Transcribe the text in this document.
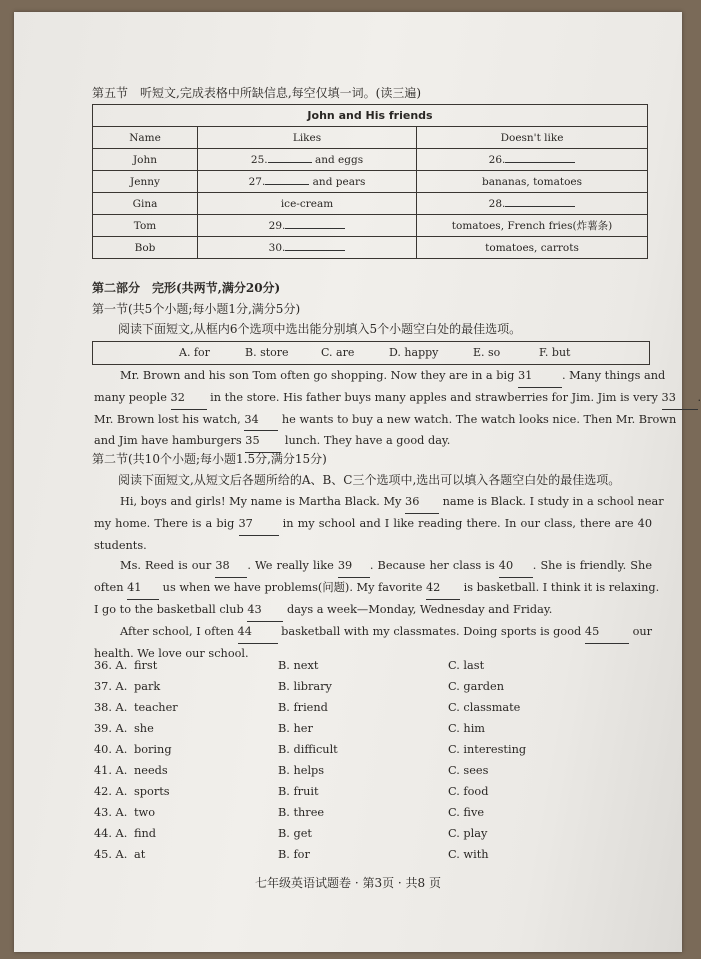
第五节　听短文,完成表格中所缺信息,每空仅填一词。(读三遍)
John and His friends		
Name	Likes	Doesn't like
John	25. and eggs	26.
Jenny	27. and pears	bananas, tomatoes
Gina	ice-cream	28.
Tom	29.	tomatoes, French fries(炸薯条)
Bob	30.	tomatoes, carrots
第二部分　完形(共两节,满分20分)
第一节(共5个小题;每小题1分,满分5分)
阅读下面短文,从框内6个选项中选出能分别填入5个小题空白处的最佳选项。
A. for	B. store	C. are	D. happy	E. so	F. but
Mr. Brown and his son Tom often go shopping. Now they are in a big 31	. Many things and
many people 32 in the store. His father buys many apples and strawberries for Jim. Jim is very 33 .
Mr. Brown lost his watch, 34 he wants to buy a new watch. The watch looks nice. Then Mr. Brown
and Jim have hamburgers 35 lunch. They have a good day.
第二节(共10个小题;每小题1.5分,满分15分)
阅读下面短文,从短文后各题所给的A、B、C三个选项中,选出可以填入各题空白处的最佳选项。
Hi, boys and girls! My name is Martha Black. My 36 name is Black. I study in a school near
my home. There is a big 37	in my school and I like reading there. In our class, there are 40
students.
Ms. Reed is our 38 . We really like 39 . Because her class is 40 . She is friendly. She
often 41 us when we have problems(问题). My favorite 42 is basketball. I think it is relaxing.
I go to the basketball club 43 days a week—Monday, Wednesday and Friday.
After school, I often 44	basketball with my classmates. Doing sports is good 45	our
health. We love our school.
36. A. first	B. next	C. last
37. A. park	B. library	C. garden
38. A. teacher	B. friend	C. classmate
39. A. she	B. her	C. him
40. A. boring	B. difficult	C. interesting
41. A. needs	B. helps	C. sees
42. A. sports	B. fruit	C. food
43. A. two	B. three	C. five
44. A. find	B. get	C. play
45. A. at	B. for	C. with
七年级英语试题卷 · 第3页 · 共8 页
